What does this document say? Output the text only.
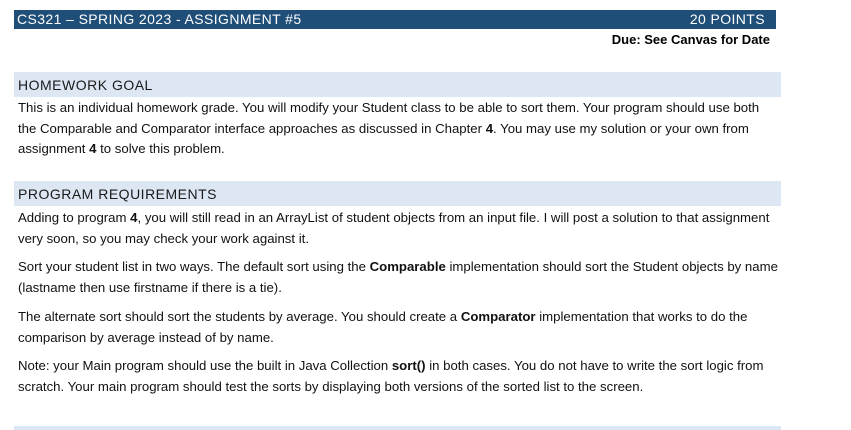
CS321 – SPRING 2023 - ASSIGNMENT #5	20 POINTS
Due: See Canvas for Date
HOMEWORK GOAL
This is an individual homework grade. You will modify your Student class to be able to sort them. Your program should use both the Comparable and Comparator interface approaches as discussed in Chapter 4. You may use my solution or your own from assignment 4 to solve this problem.
PROGRAM REQUIREMENTS
Adding to program 4, you will still read in an ArrayList of student objects from an input file. I will post a solution to that assignment very soon, so you may check your work against it.
Sort your student list in two ways. The default sort using the Comparable implementation should sort the Student objects by name (lastname then use firstname if there is a tie).
The alternate sort should sort the students by average. You should create a Comparator implementation that works to do the comparison by average instead of by name.
Note: your Main program should use the built in Java Collection sort() in both cases. You do not have to write the sort logic from scratch. Your main program should test the sorts by displaying both versions of the sorted list to the screen.
